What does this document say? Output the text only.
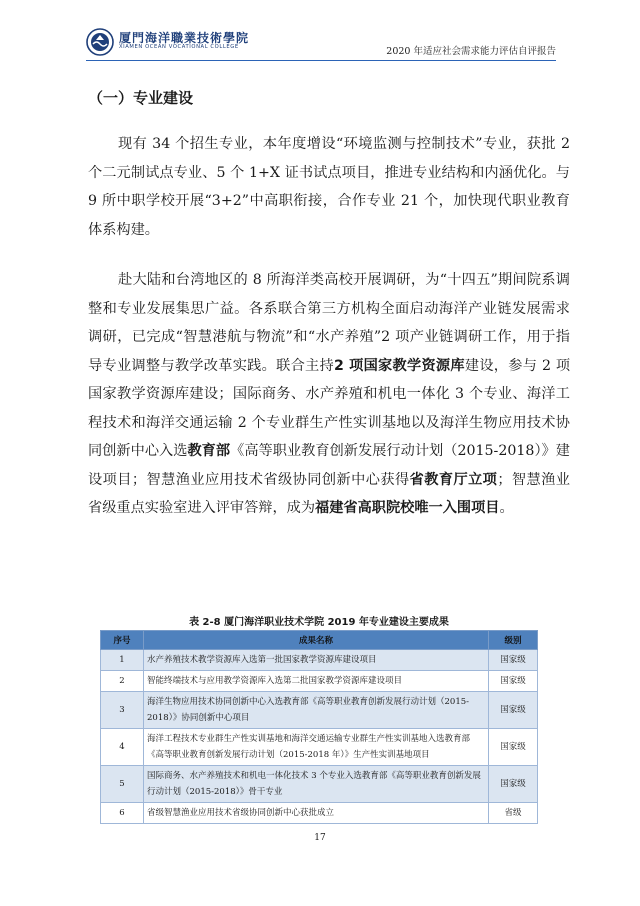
厦門海洋職業技術學院
XIAMEN OCEAN VOCATIONAL COLLEGE	2020 年适应社会需求能力评估自评报告
（一）专业建设

现有 34 个招生专业，本年度增设“环境监测与控制技术”专业，获批 2 个二元制试点专业、5 个 1+X 证书试点项目，推进专业结构和内涵优化。与 9 所中职学校开展“3+2”中高职衔接，合作专业 21 个，加快现代职业教育体系构建。

赴大陆和台湾地区的 8 所海洋类高校开展调研，为“十四五”期间院系调整和专业发展集思广益。各系联合第三方机构全面启动海洋产业链发展需求调研，已完成“智慧港航与物流”和“水产养殖”2 项产业链调研工作，用于指导专业调整与教学改革实践。联合主持2 项国家教学资源库建设，参与 2 项国家教学资源库建设；国际商务、水产养殖和机电一体化 3 个专业、海洋工程技术和海洋交通运输 2 个专业群生产性实训基地以及海洋生物应用技术协同创新中心入选教育部《高等职业教育创新发展行动计划（2015-2018）》建设项目；智慧渔业应用技术省级协同创新中心获得省教育厅立项；智慧渔业省级重点实验室进入评审答辩，成为福建省高职院校唯一入围项目。

表 2-8 厦门海洋职业技术学院 2019 年专业建设主要成果
序号	成果名称	级别
1	水产养殖技术教学资源库入选第一批国家教学资源库建设项目	国家级
2	智能终端技术与应用教学资源库入选第二批国家教学资源库建设项目	国家级
3	海洋生物应用技术协同创新中心入选教育部《高等职业教育创新发展行动计划（2015-2018）》协同创新中心项目	国家级
4	海洋工程技术专业群生产性实训基地和海洋交通运输专业群生产性实训基地入选教育部《高等职业教育创新发展行动计划（2015-2018 年）》生产性实训基地项目	国家级
5	国际商务、水产养殖技术和机电一体化技术 3 个专业入选教育部《高等职业教育创新发展行动计划（2015-2018）》骨干专业	国家级
6	省级智慧渔业应用技术省级协同创新中心获批成立	省级
17
